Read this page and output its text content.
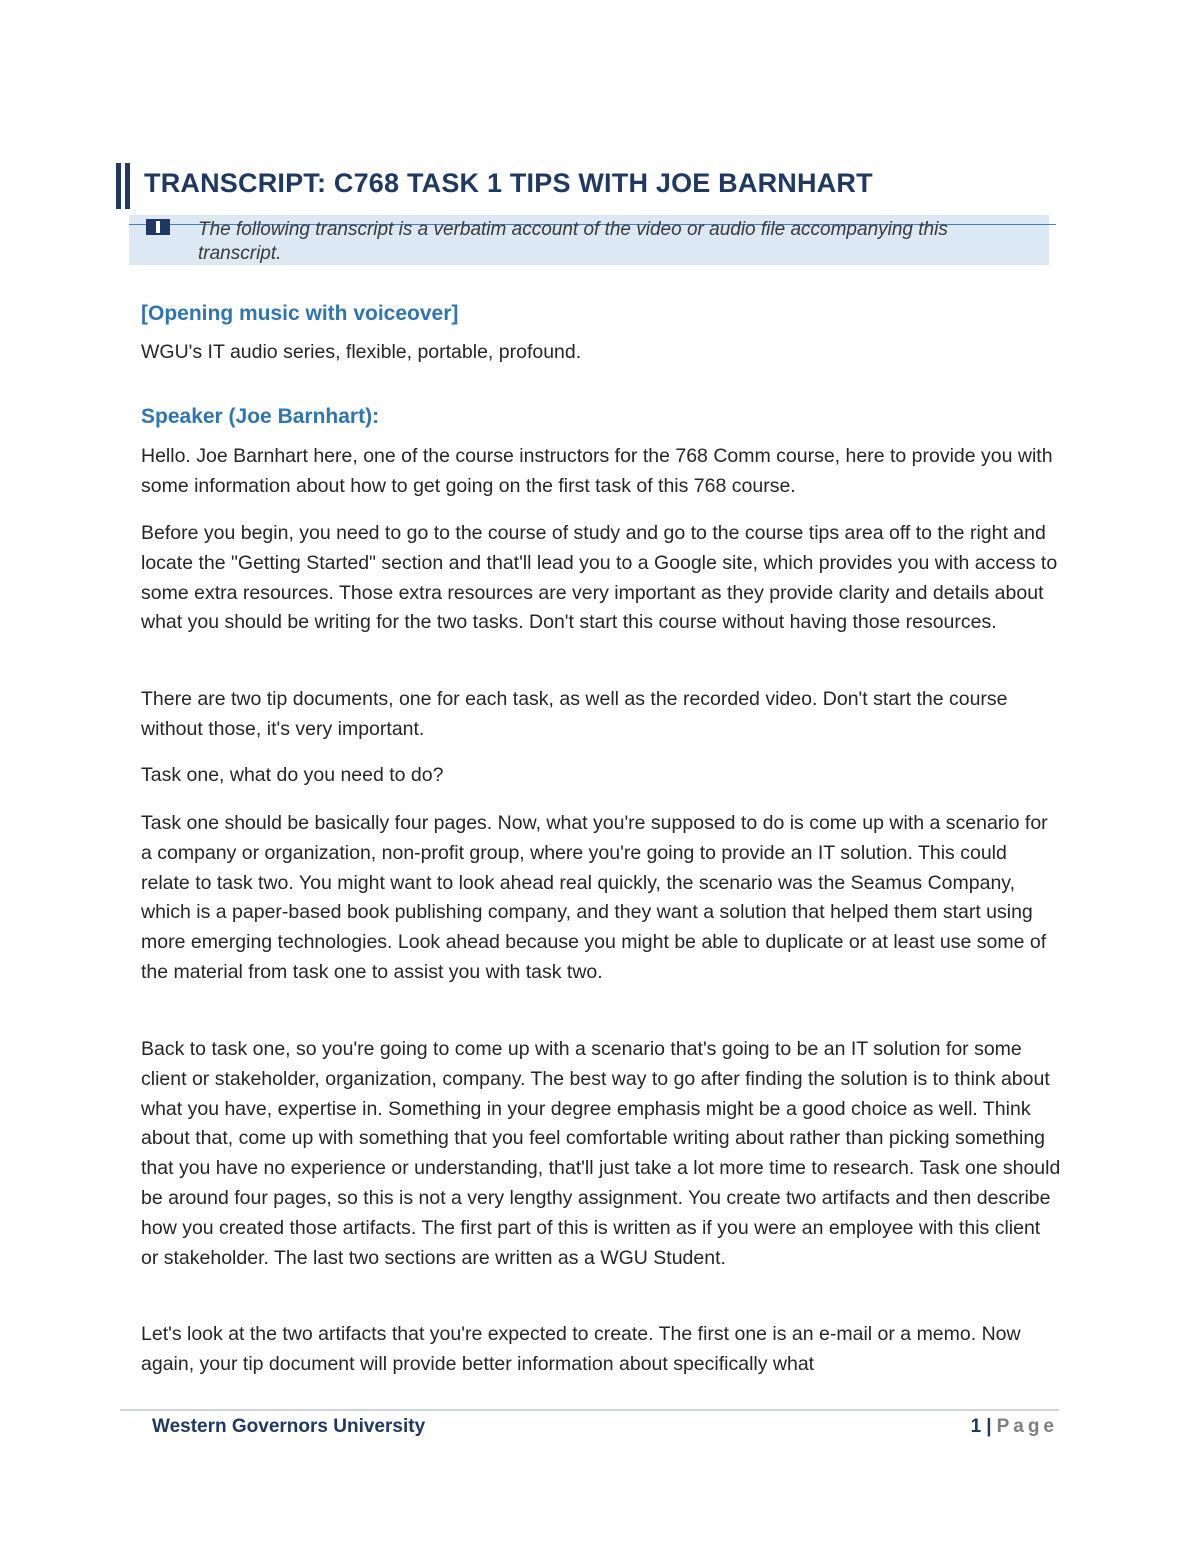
TRANSCRIPT: C768 TASK 1 TIPS WITH JOE BARNHART
The following transcript is a verbatim account of the video or audio file accompanying this transcript.
[Opening music with voiceover]
WGU's IT audio series, flexible, portable, profound.
Speaker (Joe Barnhart):
Hello. Joe Barnhart here, one of the course instructors for the 768 Comm course, here to provide you with some information about how to get going on the first task of this 768 course.
Before you begin, you need to go to the course of study and go to the course tips area off to the right and locate the "Getting Started" section and that'll lead you to a Google site, which provides you with access to some extra resources. Those extra resources are very important as they provide clarity and details about what you should be writing for the two tasks. Don't start this course without having those resources.
There are two tip documents, one for each task, as well as the recorded video. Don't start the course without those, it's very important.
Task one, what do you need to do?
Task one should be basically four pages. Now, what you're supposed to do is come up with a scenario for a company or organization, non-profit group, where you're going to provide an IT solution. This could relate to task two. You might want to look ahead real quickly, the scenario was the Seamus Company, which is a paper-based book publishing company, and they want a solution that helped them start using more emerging technologies. Look ahead because you might be able to duplicate or at least use some of the material from task one to assist you with task two.
Back to task one, so you're going to come up with a scenario that's going to be an IT solution for some client or stakeholder, organization, company. The best way to go after finding the solution is to think about what you have, expertise in. Something in your degree emphasis might be a good choice as well. Think about that, come up with something that you feel comfortable writing about rather than picking something that you have no experience or understanding, that'll just take a lot more time to research. Task one should be around four pages, so this is not a very lengthy assignment. You create two artifacts and then describe how you created those artifacts. The first part of this is written as if you were an employee with this client or stakeholder. The last two sections are written as a WGU Student.
Let's look at the two artifacts that you're expected to create. The first one is an e-mail or a memo. Now again, your tip document will provide better information about specifically what
Western Governors University	1 | Page
